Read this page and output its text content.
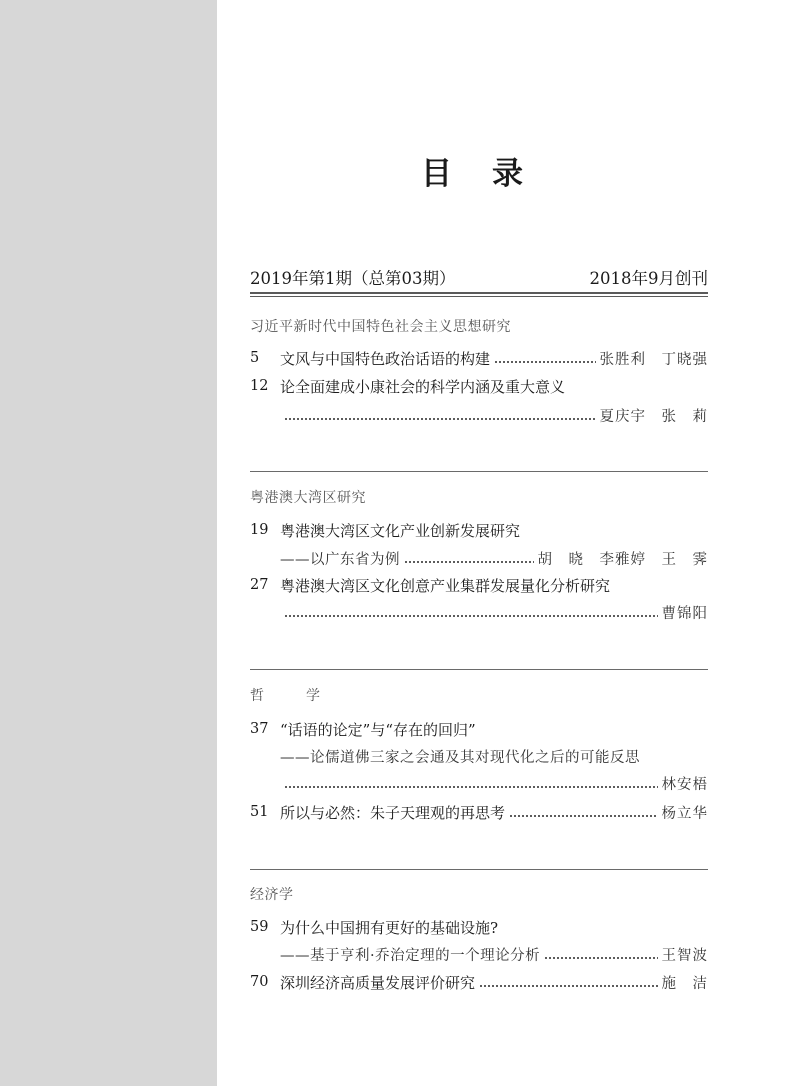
目录
2019年第1期（总第03期）	2018年9月创刊
习近平新时代中国特色社会主义思想研究
5	文风与中国特色政治话语的构建	张胜利　丁晓强
12 论全面建成小康社会的科学内涵及重大意义
夏庆宇　张　莉
粤港澳大湾区研究
19 粤港澳大湾区文化产业创新发展研究
——以广东省为例	胡　晓　李雅婷　王　霁
27 粤港澳大湾区文化创意产业集群发展量化分析研究
曹锦阳
哲　学
37 “话语的论定”与“存在的回归”
——论儒道佛三家之会通及其对现代化之后的可能反思
林安梧
51 所以与必然：朱子天理观的再思考	杨立华
经济学
59 为什么中国拥有更好的基础设施?
——基于亨利·乔治定理的一个理论分析	王智波
70 深圳经济高质量发展评价研究	施　洁
